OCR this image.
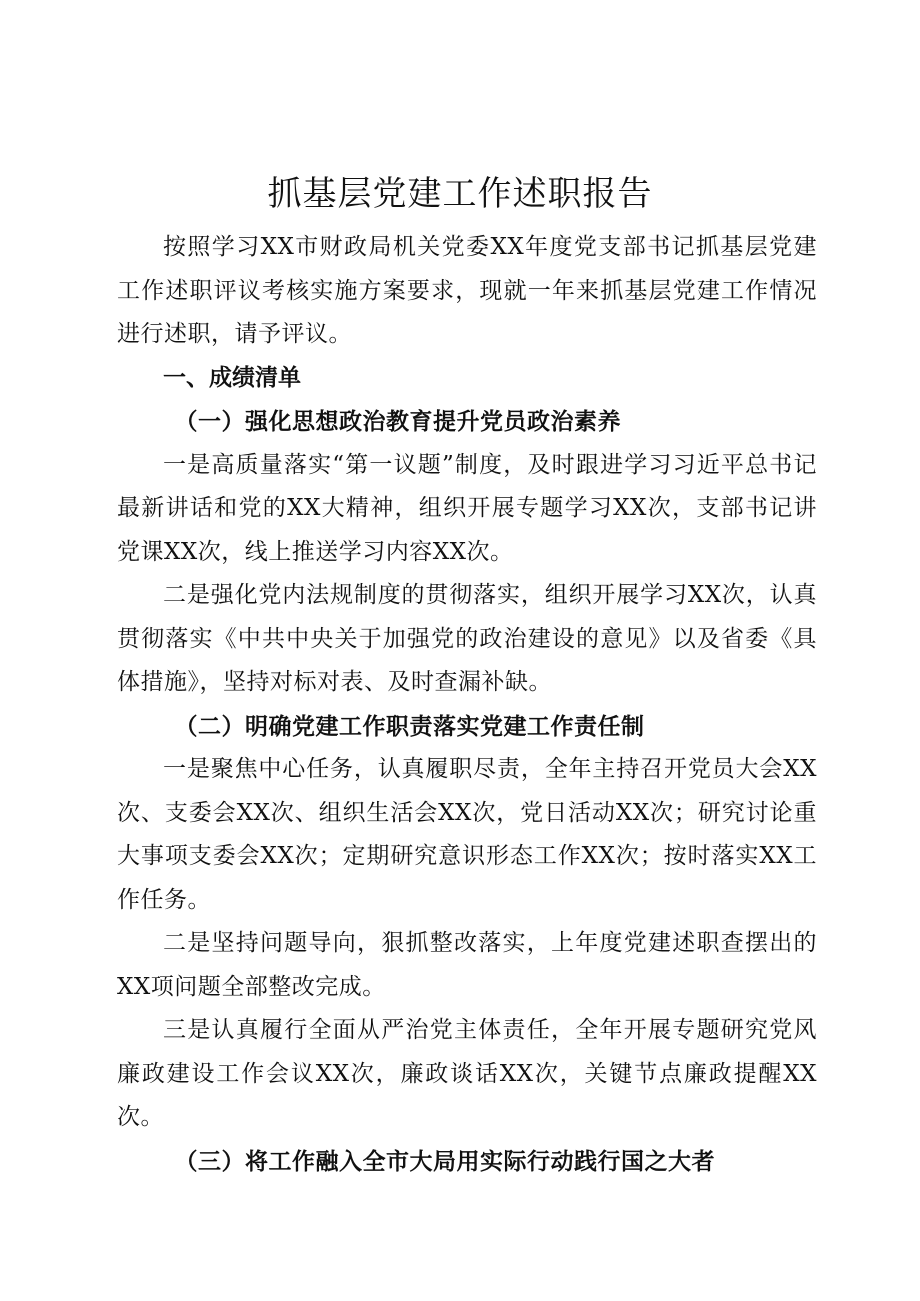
抓基层党建工作述职报告

按照学习XX市财政局机关党委XX年度党支部书记抓基层党建工作述职评议考核实施方案要求，现就一年来抓基层党建工作情况进行述职，请予评议。

一、成绩清单

（一）强化思想政治教育提升党员政治素养

一是高质量落实“第一议题”制度，及时跟进学习习近平总书记最新讲话和党的XX大精神，组织开展专题学习XX次，支部书记讲党课XX次，线上推送学习内容XX次。

二是强化党内法规制度的贯彻落实，组织开展学习XX次，认真贯彻落实《中共中央关于加强党的政治建设的意见》以及省委《具体措施》，坚持对标对表、及时查漏补缺。

（二）明确党建工作职责落实党建工作责任制

一是聚焦中心任务，认真履职尽责，全年主持召开党员大会XX次、支委会XX次、组织生活会XX次，党日活动XX次；研究讨论重大事项支委会XX次；定期研究意识形态工作XX次；按时落实XX工作任务。

二是坚持问题导向，狠抓整改落实，上年度党建述职查摆出的XX项问题全部整改完成。

三是认真履行全面从严治党主体责任，全年开展专题研究党风廉政建设工作会议XX次，廉政谈话XX次，关键节点廉政提醒XX次。

（三）将工作融入全市大局用实际行动践行国之大者
